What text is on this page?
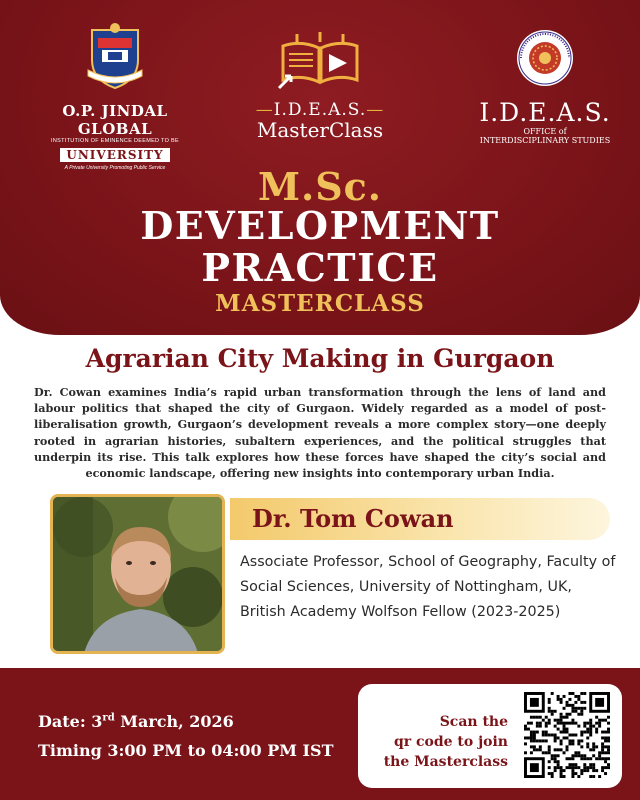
O.P. JINDAL GLOBAL
INSTITUTION OF EMINENCE DEEMED TO BE
UNIVERSITY
A Private University Promoting Public Service
—I.D.E.A.S.—
MasterClass
I.D.E.A.S.
OFFICE of
INTERDISCIPLINARY STUDIES
M.Sc.
DEVELOPMENT
PRACTICE
MASTERCLASS
Agrarian City Making in Gurgaon
Dr. Cowan examines India’s rapid urban transformation through the lens of land and labour politics that shaped the city of Gurgaon. Widely regarded as a model of post-liberalisation growth, Gurgaon’s development reveals a more complex story—one deeply rooted in agrarian histories, subaltern experiences, and the political struggles that underpin its rise. This talk explores how these forces have shaped the city’s social and economic landscape, offering new insights into contemporary urban India.
Dr. Tom Cowan
Associate Professor, School of Geography, Faculty of Social Sciences, University of Nottingham, UK, British Academy Wolfson Fellow (2023-2025)
Date: 3rd March, 2026
Timing 3:00 PM to 04:00 PM IST
Scan the
qr code to join
the Masterclass
